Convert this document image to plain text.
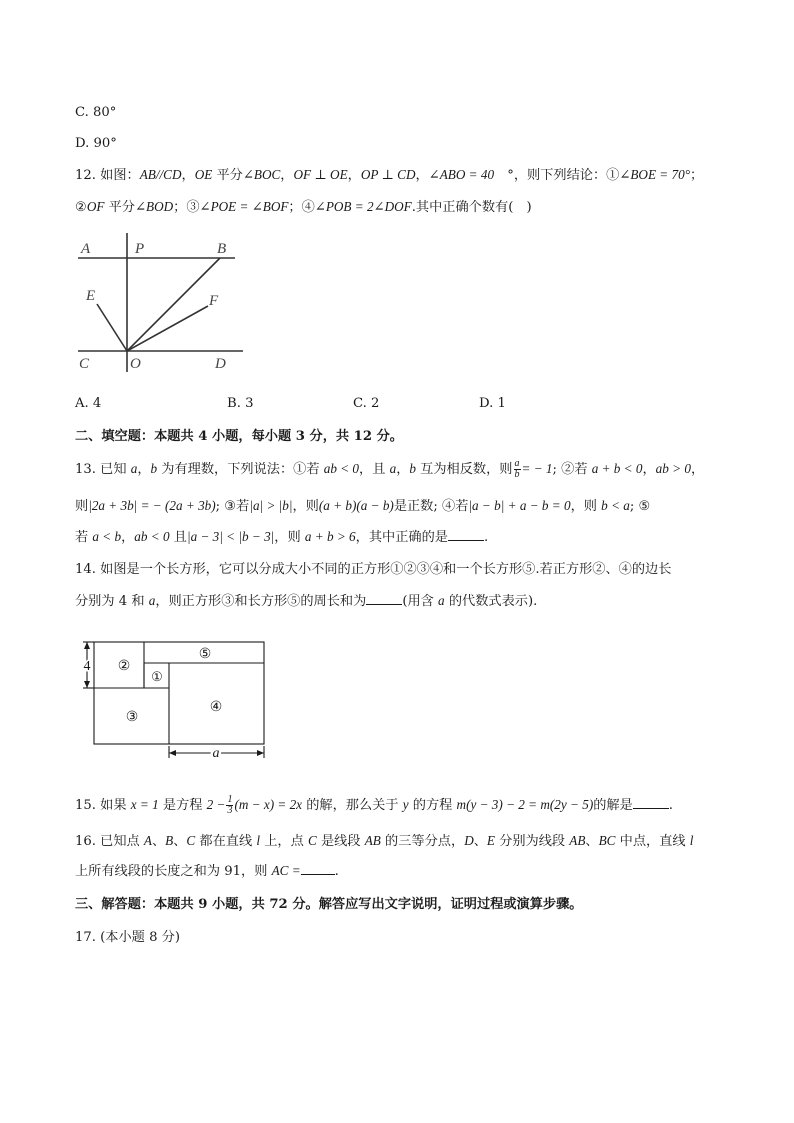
C. 80°
D. 90°
12. 如图：AB//CD，OE 平分∠BOC，OF ⊥ OE，OP ⊥ CD，∠ABO = 40　°，则下列结论：①∠BOE = 70°；
②OF 平分∠BOD；③∠POE = ∠BOF；④∠POB = 2∠DOF.其中正确个数有(　)
A	P	B
E	F
C	O	D
A. 4	B. 3	C. 2	D. 1
二、填空题：本题共 4 小题，每小题 3 分，共 12 分。
13. 已知 a，b 为有理数，下列说法：①若 ab < 0，且 a，b 互为相反数，则 $\frac{a}{b}$ = − 1; ②若 a + b < 0，ab > 0，
则|2a + 3b| = − (2a + 3b); ③若|a| > |b|，则(a + b)(a − b)是正数; ④若|a − b| + a − b = 0，则 b < a; ⑤
若 a < b，ab < 0 且|a − 3| < |b − 3|，则 a + b > 6，其中正确的是	.
14. 如图是一个长方形，它可以分成大小不同的正方形①②③④和一个长方形⑤.若正方形②、④的边长
分别为 4 和 a，则正方形③和长方形⑤的周长和为	(用含 a 的代数式表示).
4 ②
⑤
①
③
④
a
15. 如果 x = 1 是方程 $2 - \frac{1}{3} (m - x) = 2x$ 的解，那么关于 y 的方程 m(y − 3) − 2 = m(2y − 5)的解是	.
16. 已知点 A、B、C 都在直线 l 上，点 C 是线段 AB 的三等分点，D、E 分别为线段 AB、BC 中点，直线 l
上所有线段的长度之和为 91，则 AC =	.
三、解答题：本题共 9 小题，共 72 分。解答应写出文字说明，证明过程或演算步骤。
17. (本小题 8 分)
